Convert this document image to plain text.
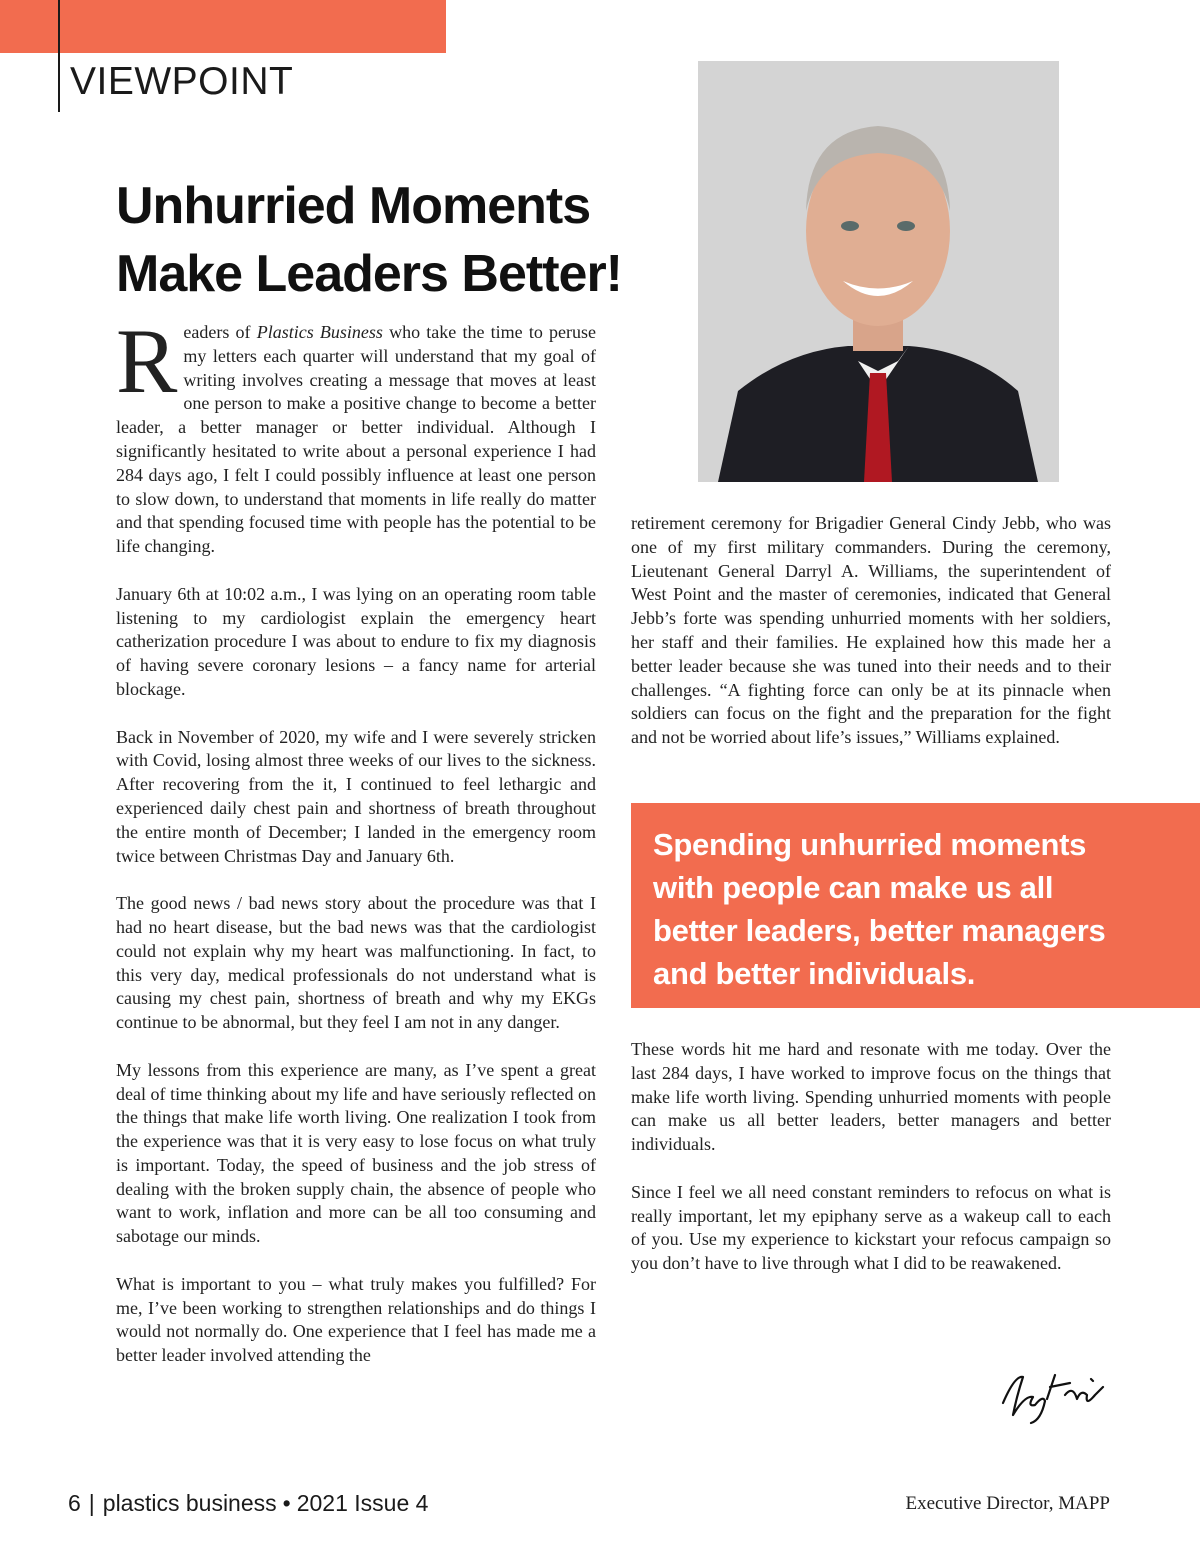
VIEWPOINT
Unhurried Moments
Make Leaders Better!

Readers of Plastics Business who take the time to peruse my letters each quarter will understand that my goal of writing involves creating a message that moves at least one person to make a positive change to become a better leader, a better manager or better individual. Although I significantly hesitated to write about a personal experience I had 284 days ago, I felt I could possibly influence at least one person to slow down, to understand that moments in life really do matter and that spending focused time with people has the potential to be life changing.

January 6th at 10:02 a.m., I was lying on an operating room table listening to my cardiologist explain the emergency heart catherization procedure I was about to endure to fix my diagnosis of having severe coronary lesions – a fancy name for arterial blockage.

Back in November of 2020, my wife and I were severely stricken with Covid, losing almost three weeks of our lives to the sickness. After recovering from the it, I continued to feel lethargic and experienced daily chest pain and shortness of breath throughout the entire month of December; I landed in the emergency room twice between Christmas Day and January 6th.

The good news / bad news story about the procedure was that I had no heart disease, but the bad news was that the cardiologist could not explain why my heart was malfunctioning. In fact, to this very day, medical professionals do not understand what is causing my chest pain, shortness of breath and why my EKGs continue to be abnormal, but they feel I am not in any danger.

My lessons from this experience are many, as I’ve spent a great deal of time thinking about my life and have seriously reflected on the things that make life worth living. One realization I took from the experience was that it is very easy to lose focus on what truly is important. Today, the speed of business and the job stress of dealing with the broken supply chain, the absence of people who want to work, inflation and more can be all too consuming and sabotage our minds.

What is important to you – what truly makes you fulfilled? For me, I’ve been working to strengthen relationships and do things I would not normally do. One experience that I feel has made me a better leader involved attending the

retirement ceremony for Brigadier General Cindy Jebb, who was one of my first military commanders. During the ceremony, Lieutenant General Darryl A. Williams, the superintendent of West Point and the master of ceremonies, indicated that General Jebb’s forte was spending unhurried moments with her soldiers, her staff and their families. He explained how this made her a better leader because she was tuned into their needs and to their challenges. “A fighting force can only be at its pinnacle when soldiers can focus on the fight and the preparation for the fight and not be worried about life’s issues,” Williams explained.

Spending unhurried moments with people can make us all better leaders, better managers and better individuals.

These words hit me hard and resonate with me today. Over the last 284 days, I have worked to improve focus on the things that make life worth living. Spending unhurried moments with people can make us all better leaders, better managers and better individuals.

Since I feel we all need constant reminders to refocus on what is really important, let my epiphany serve as a wakeup call to each of you. Use my experience to kickstart your refocus campaign so you don’t have to live through what I did to be reawakened.

Executive Director, MAPP
6 | plastics business • 2021 Issue 4
